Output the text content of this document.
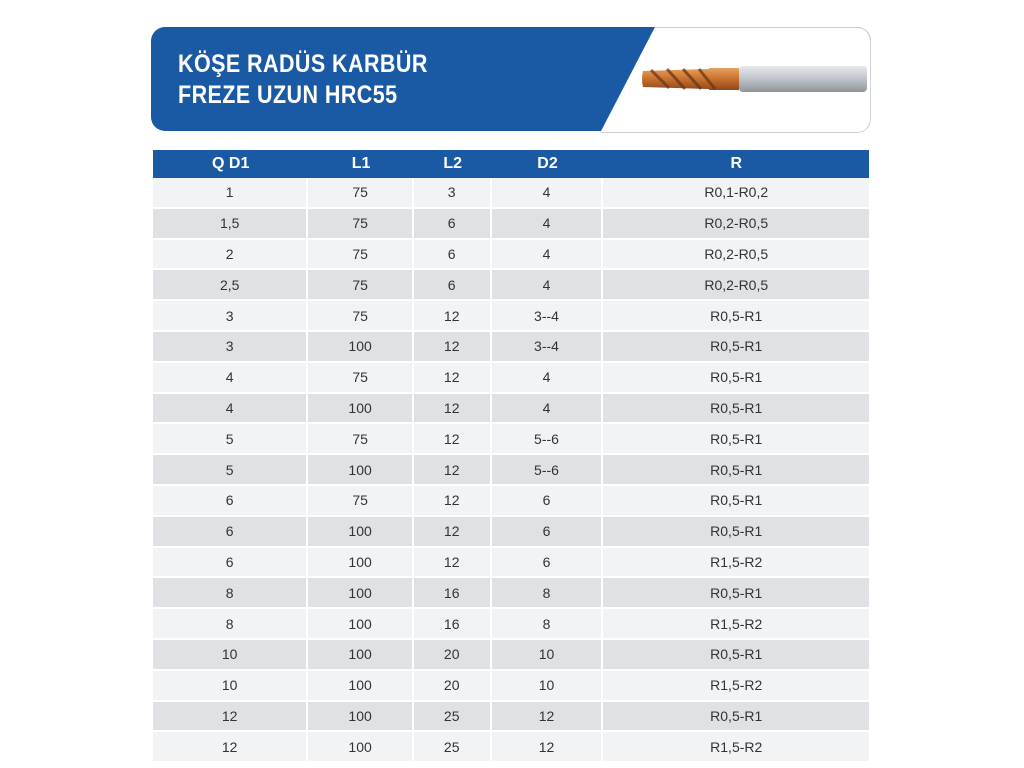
KÖŞE RADÜS KARBÜR
FREZE UZUN HRC55
Q D1	L1	L2	D2	R
1	75	3	4	R0,1-R0,2
1,5	75	6	4	R0,2-R0,5
2	75	6	4	R0,2-R0,5
2,5	75	6	4	R0,2-R0,5
3	75	12	3--4	R0,5-R1
3	100	12	3--4	R0,5-R1
4	75	12	4	R0,5-R1
4	100	12	4	R0,5-R1
5	75	12	5--6	R0,5-R1
5	100	12	5--6	R0,5-R1
6	75	12	6	R0,5-R1
6	100	12	6	R0,5-R1
6	100	12	6	R1,5-R2
8	100	16	8	R0,5-R1
8	100	16	8	R1,5-R2
10	100	20	10	R0,5-R1
10	100	20	10	R1,5-R2
12	100	25	12	R0,5-R1
12	100	25	12	R1,5-R2
